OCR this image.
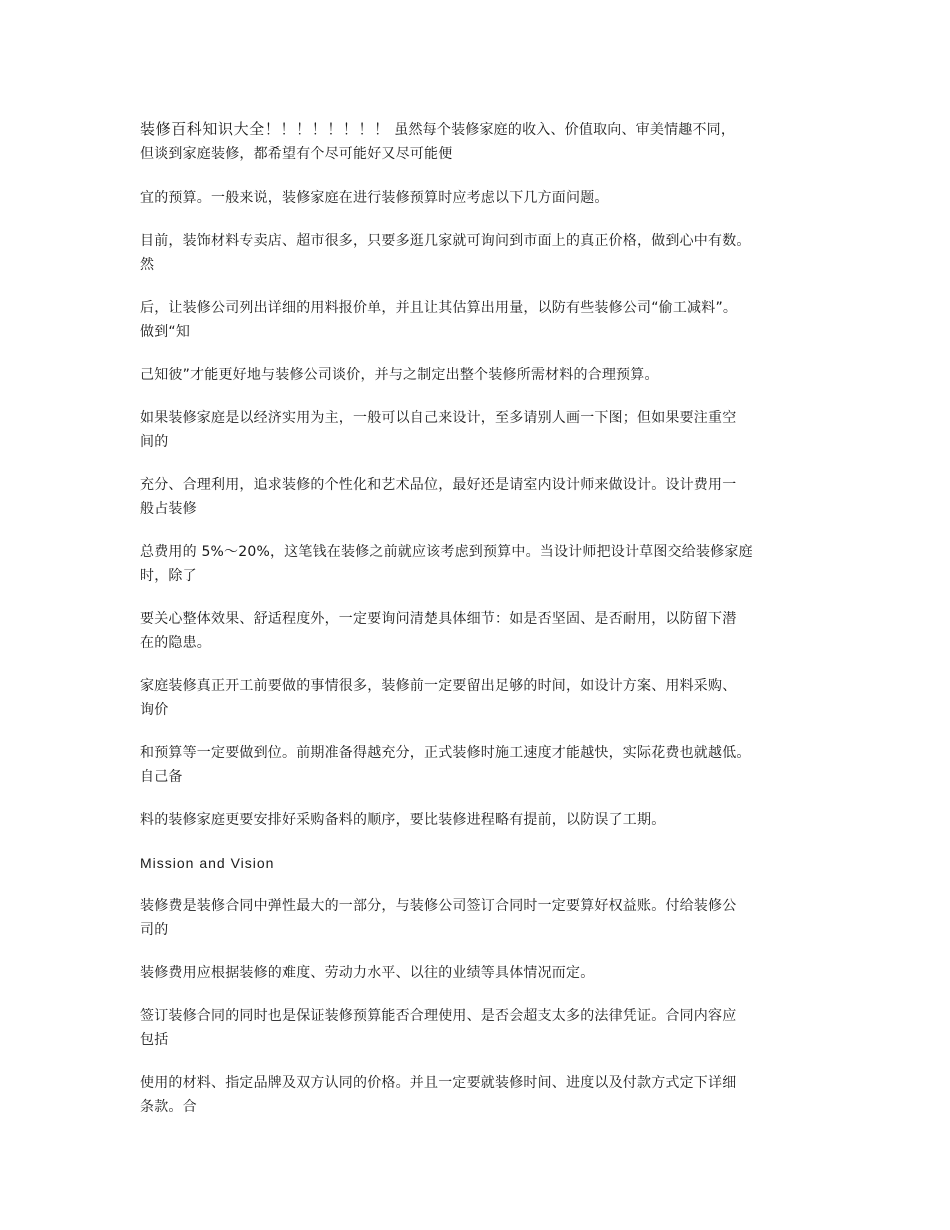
装修百科知识大全！！！！！！！！ 虽然每个装修家庭的收入、价值取向、审美情趣不同，
但谈到家庭装修，都希望有个尽可能好又尽可能便

宜的预算。一般来说，装修家庭在进行装修预算时应考虑以下几方面问题。

目前，装饰材料专卖店、超市很多，只要多逛几家就可询问到市面上的真正价格，做到心中有数。
然

后，让装修公司列出详细的用料报价单，并且让其估算出用量，以防有些装修公司“偷工减料”。
做到“知

己知彼”才能更好地与装修公司谈价，并与之制定出整个装修所需材料的合理预算。

如果装修家庭是以经济实用为主，一般可以自己来设计，至多请别人画一下图；但如果要注重空
间的

充分、合理利用，追求装修的个性化和艺术品位，最好还是请室内设计师来做设计。设计费用一
般占装修

总费用的 5%～20%，这笔钱在装修之前就应该考虑到预算中。当设计师把设计草图交给装修家庭
时，除了

要关心整体效果、舒适程度外，一定要询问清楚具体细节：如是否坚固、是否耐用，以防留下潜
在的隐患。

家庭装修真正开工前要做的事情很多，装修前一定要留出足够的时间，如设计方案、用料采购、
询价

和预算等一定要做到位。前期准备得越充分，正式装修时施工速度才能越快，实际花费也就越低。
自己备

料的装修家庭更要安排好采购备料的顺序，要比装修进程略有提前，以防误了工期。

Mission and Vision

装修费是装修合同中弹性最大的一部分，与装修公司签订合同时一定要算好权益账。付给装修公
司的

装修费用应根据装修的难度、劳动力水平、以往的业绩等具体情况而定。

签订装修合同的同时也是保证装修预算能否合理使用、是否会超支太多的法律凭证。合同内容应
包括

使用的材料、指定品牌及双方认同的价格。并且一定要就装修时间、进度以及付款方式定下详细
条款。合
